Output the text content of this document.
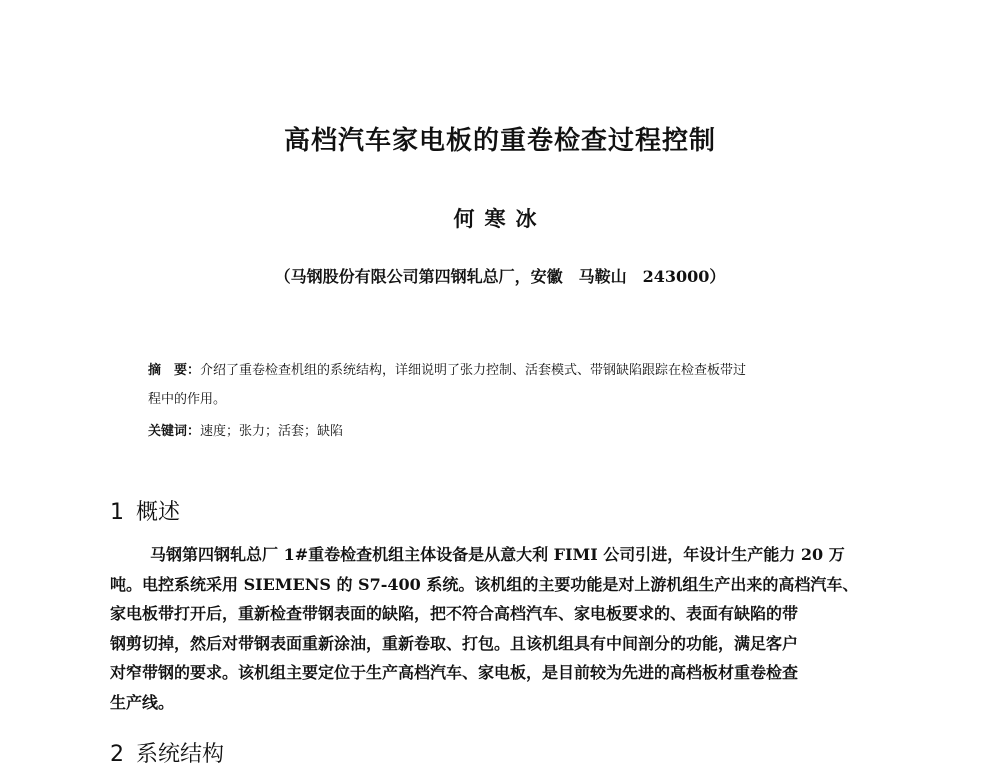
高档汽车家电板的重卷检查过程控制
何寒冰
（马钢股份有限公司第四钢轧总厂，安徽　马鞍山　243000）
摘　要：介绍了重卷检查机组的系统结构，详细说明了张力控制、活套模式、带钢缺陷跟踪在检查板带过
程中的作用。
关键词：速度；张力；活套；缺陷
1 概述
马钢第四钢轧总厂 1#重卷检查机组主体设备是从意大利 FIMI 公司引进，年设计生产能力 20 万
吨。电控系统采用 SIEMENS 的 S7-400 系统。该机组的主要功能是对上游机组生产出来的高档汽车、
家电板带打开后，重新检查带钢表面的缺陷，把不符合高档汽车、家电板要求的、表面有缺陷的带
钢剪切掉，然后对带钢表面重新涂油，重新卷取、打包。且该机组具有中间剖分的功能，满足客户
对窄带钢的要求。该机组主要定位于生产高档汽车、家电板，是目前较为先进的高档板材重卷检查
生产线。
2 系统结构
